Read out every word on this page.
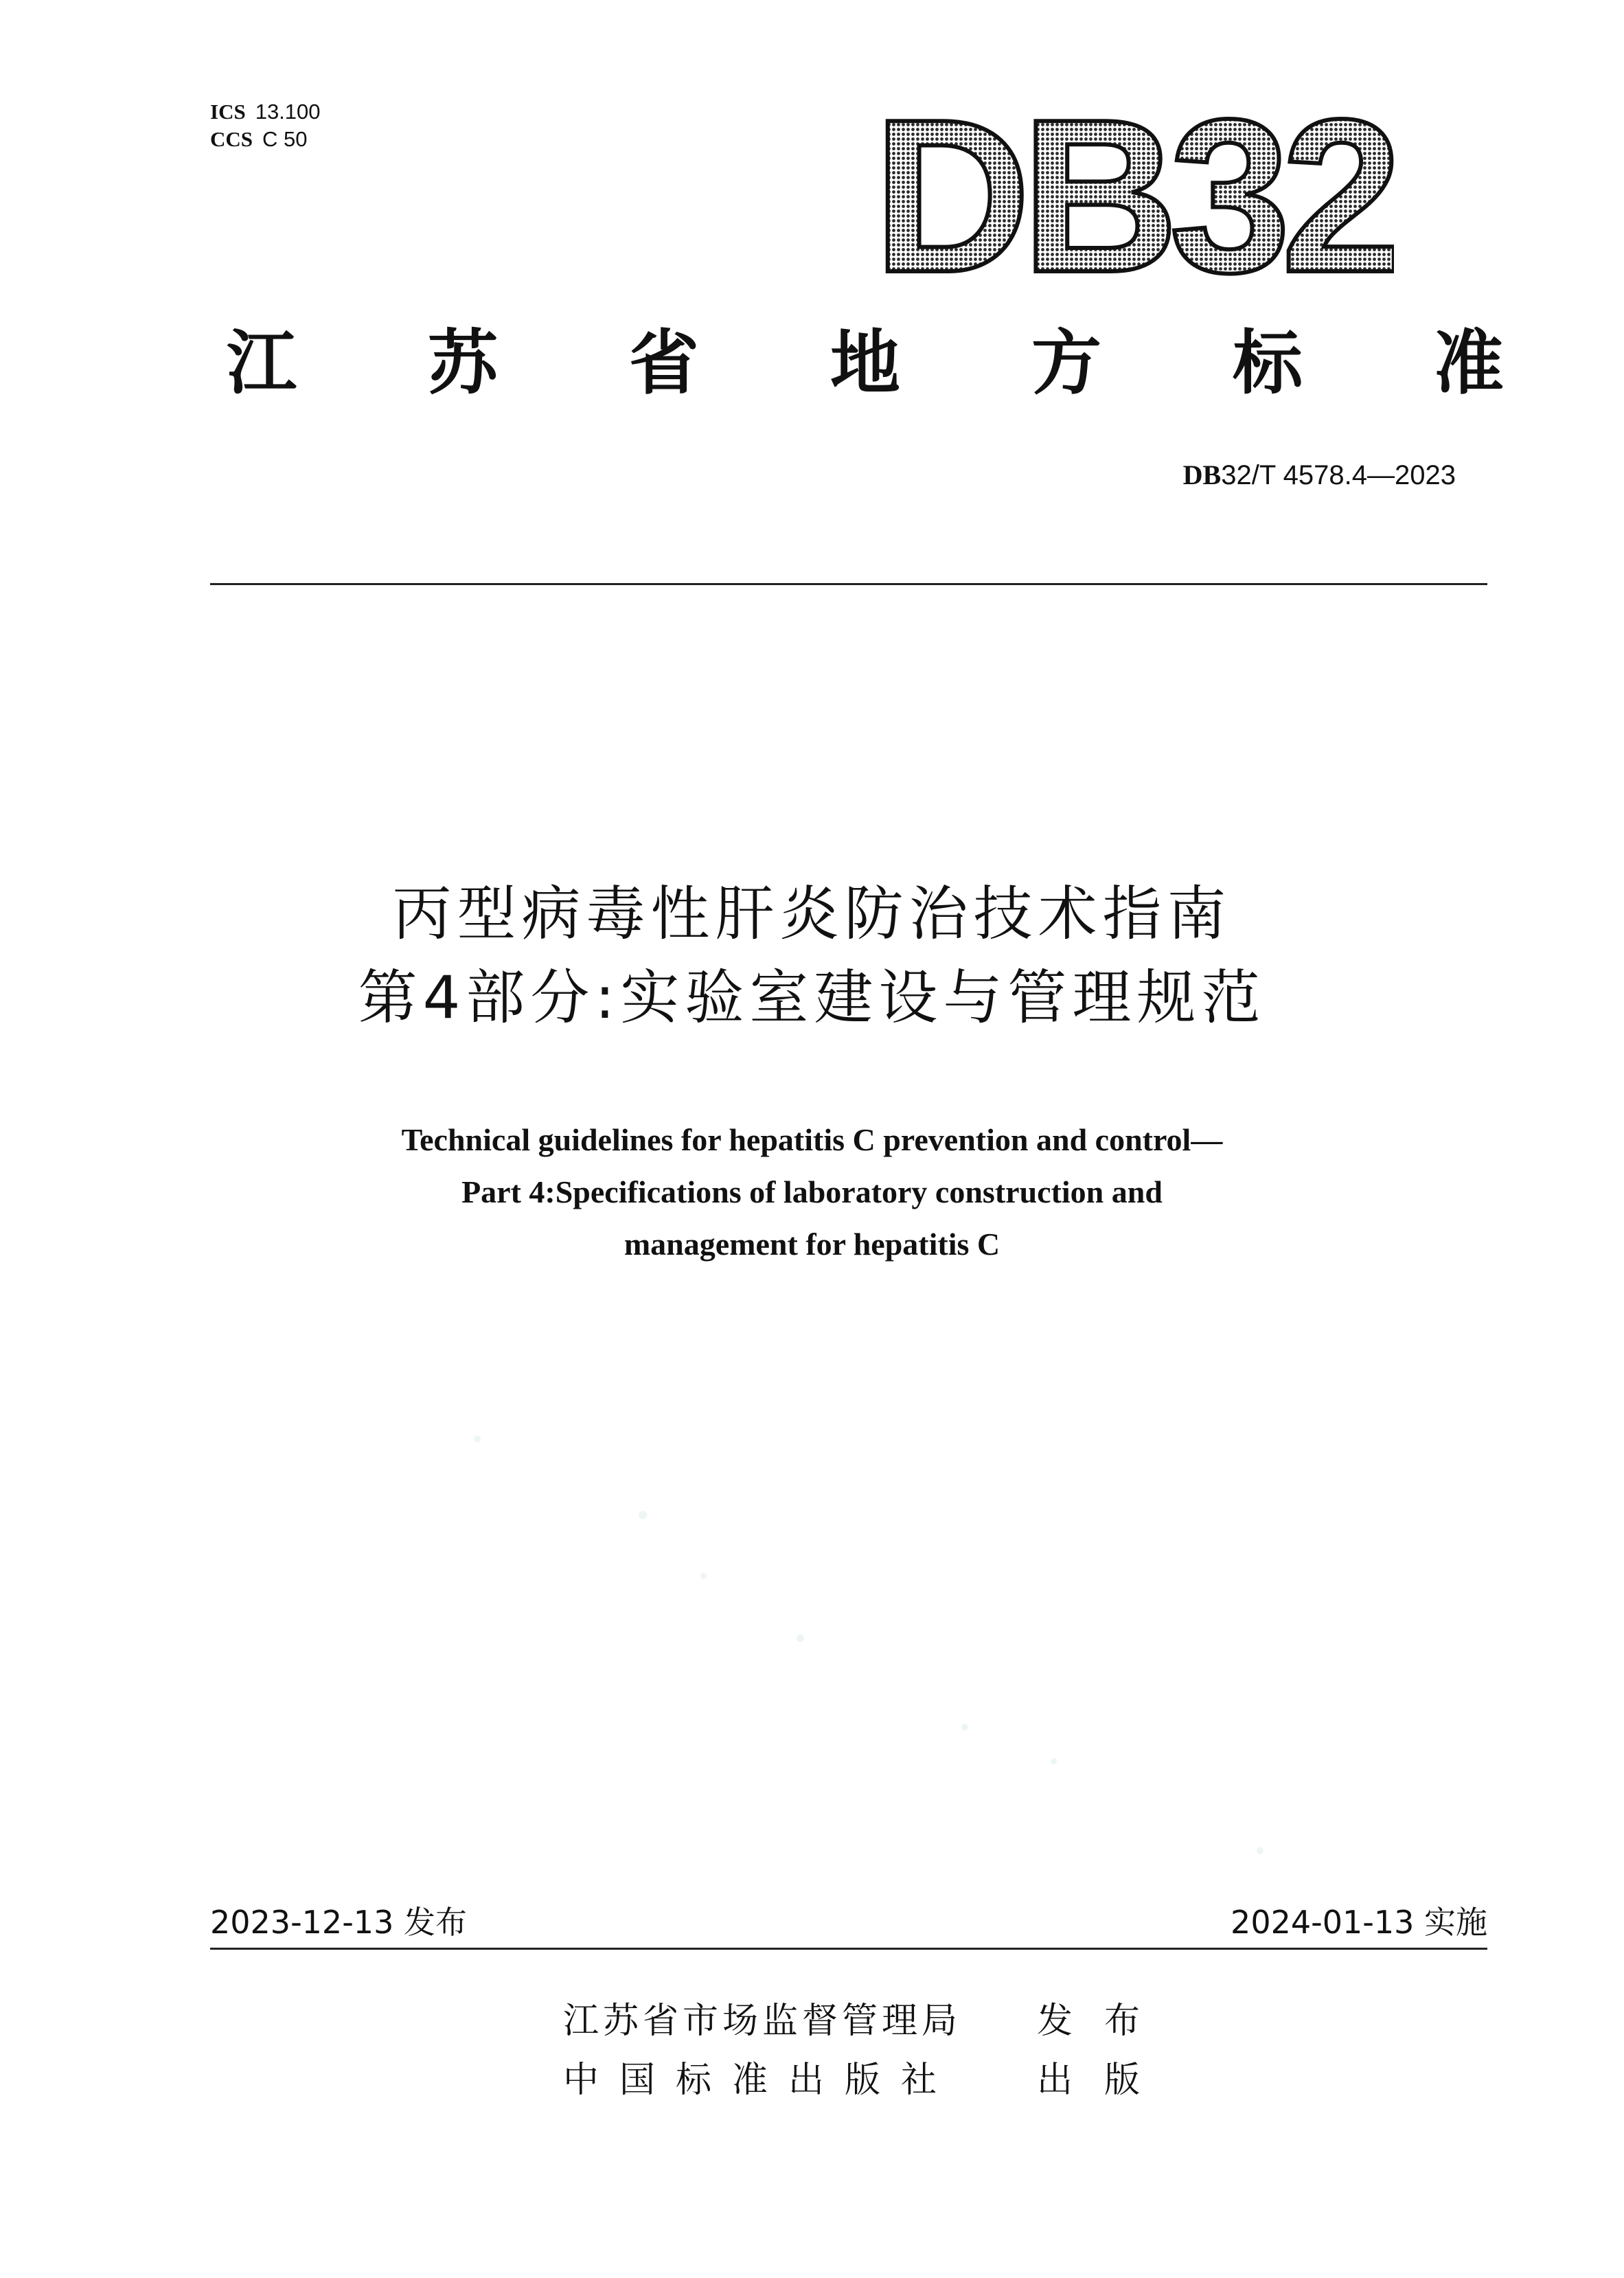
ICS 13.100
CCS C 50	DB32
江 苏 省 地 方 标 准
DB32/T 4578.4—2023
丙型病毒性肝炎防治技术指南
第4部分:实验室建设与管理规范
Technical guidelines for hepatitis C prevention and control—
Part 4:Specifications of laboratory construction and
management for hepatitis C
2023-12-13 发布	2024-01-13 实施
江苏省市场监督管理局	发布
中国标准出版社	出版
